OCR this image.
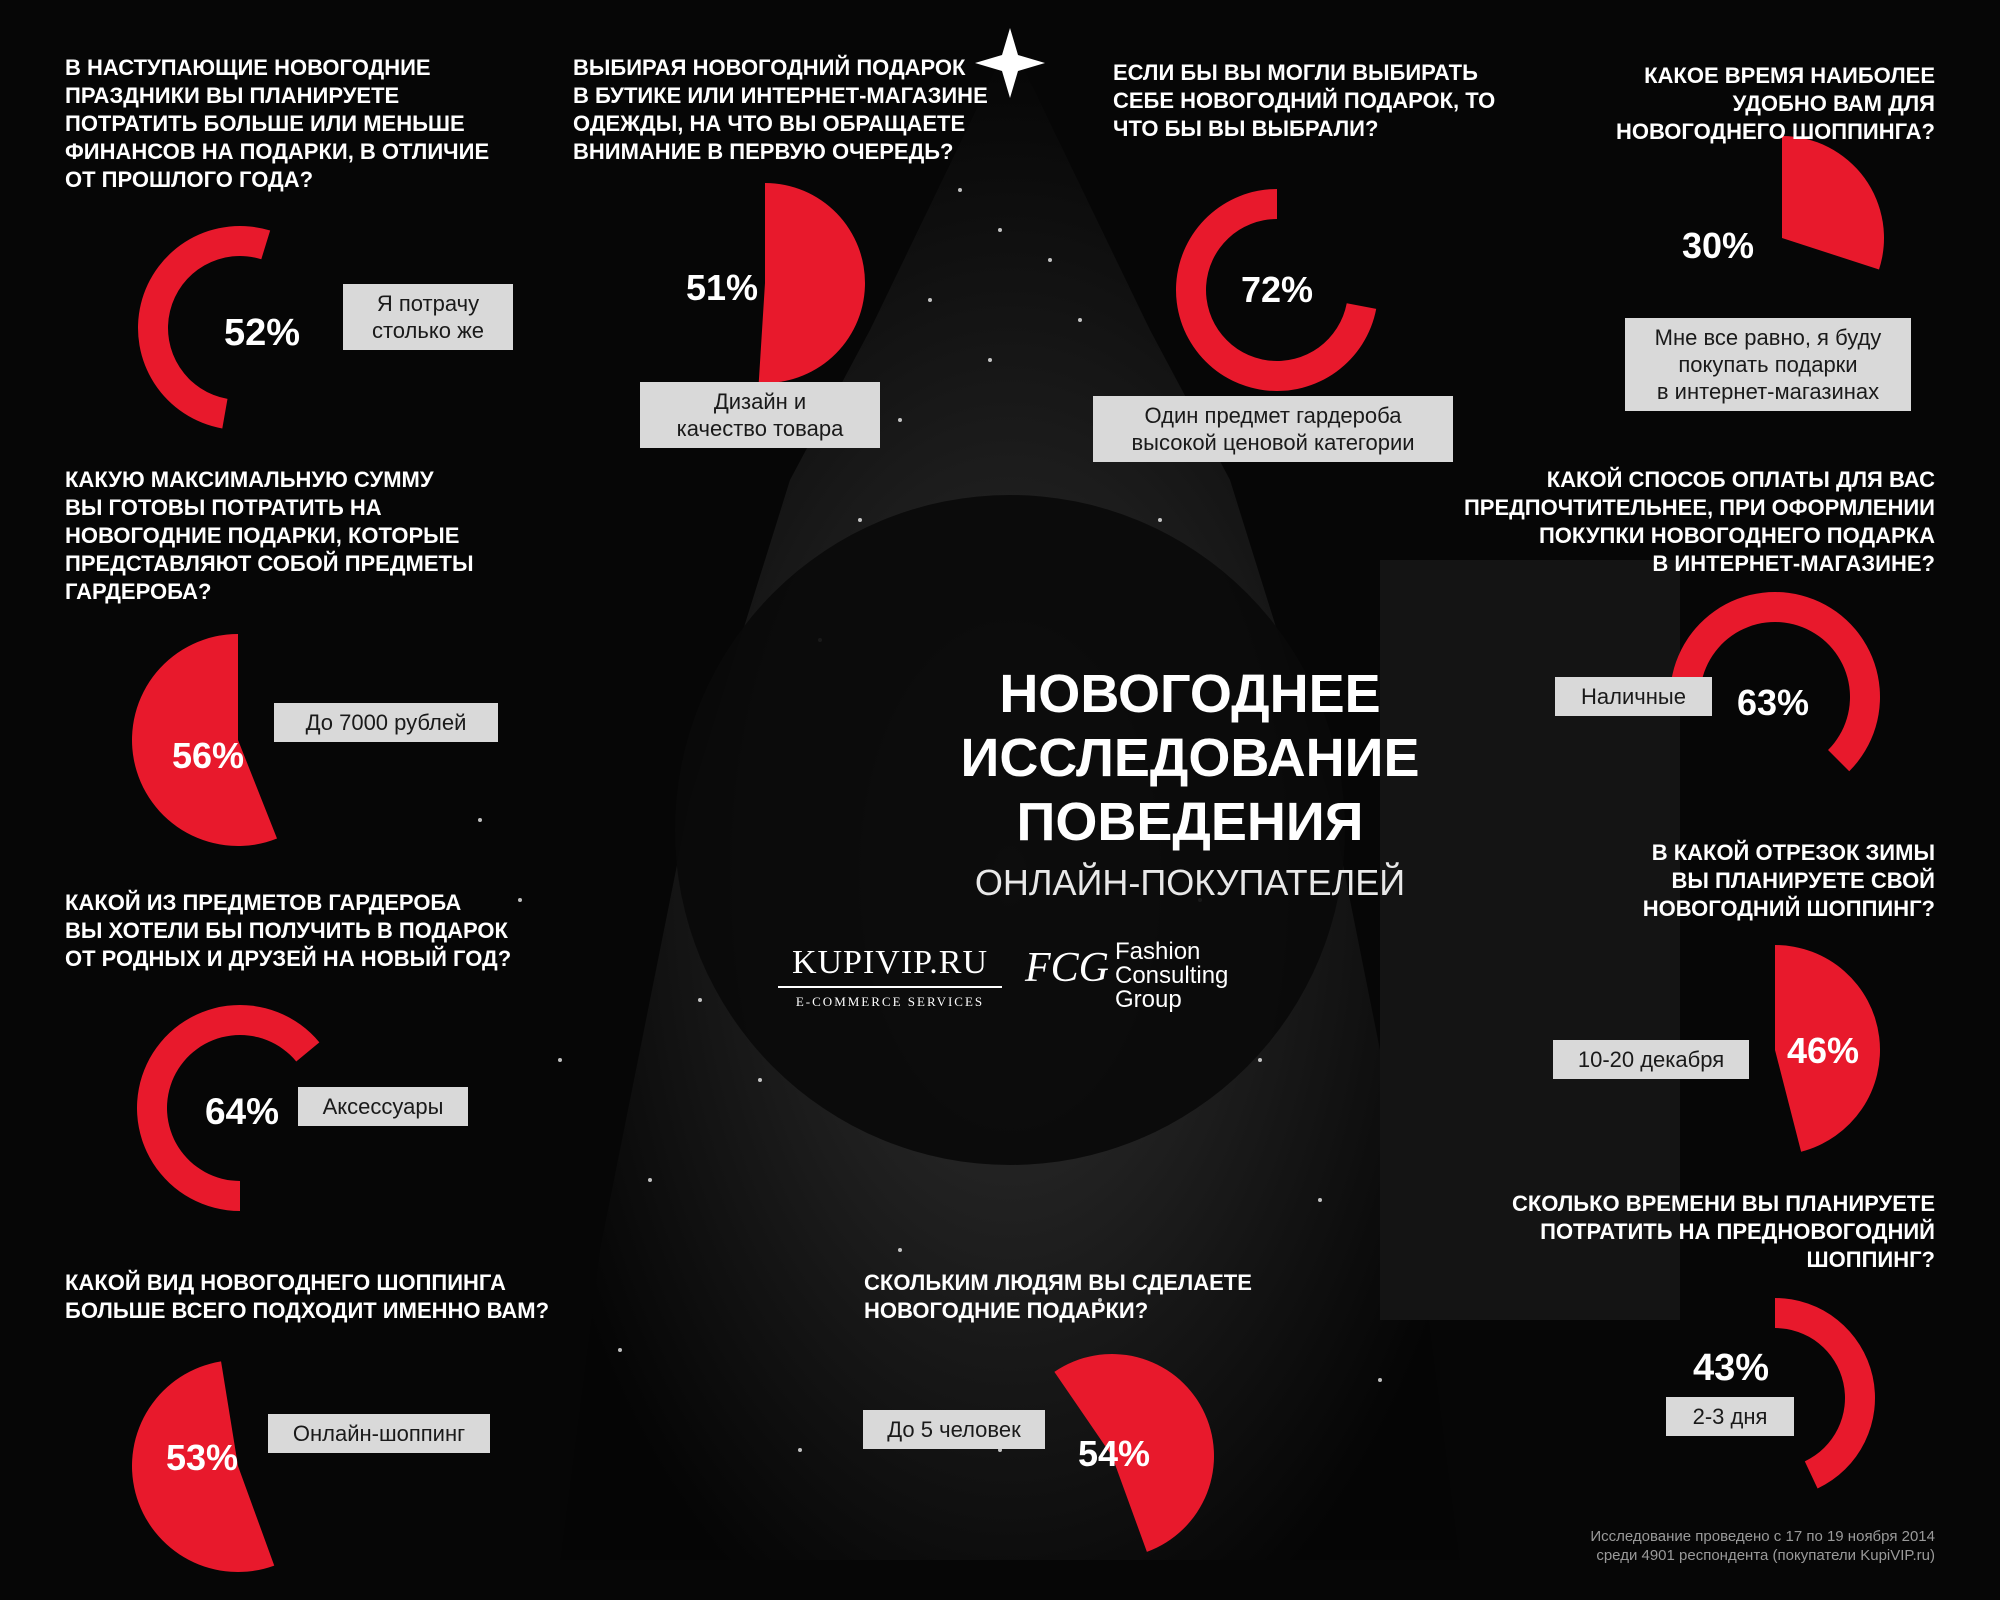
52%
51%	72%
30%
56%
63%
64%
46%
53%	54%
43%
В НАСТУПАЮЩИЕ НОВОГОДНИЕ
ПРАЗДНИКИ ВЫ ПЛАНИРУЕТЕ
ПОТРАТИТЬ БОЛЬШЕ ИЛИ МЕНЬШЕ
ФИНАНСОВ НА ПОДАРКИ, В ОТЛИЧИЕ
ОТ ПРОШЛОГО ГОДА?
ВЫБИРАЯ НОВОГОДНИЙ ПОДАРОК
В БУТИКЕ ИЛИ ИНТЕРНЕТ-МАГАЗИНЕ
ОДЕЖДЫ, НА ЧТО ВЫ ОБРАЩАЕТЕ
ВНИМАНИЕ В ПЕРВУЮ ОЧЕРЕДЬ?
ЕСЛИ БЫ ВЫ МОГЛИ ВЫБИРАТЬ
СЕБЕ НОВОГОДНИЙ ПОДАРОК, ТО
ЧТО БЫ ВЫ ВЫБРАЛИ?
КАКОЕ ВРЕМЯ НАИБОЛЕЕ
УДОБНО ВАМ ДЛЯ
НОВОГОДНЕГО ШОППИНГА?
КАКУЮ МАКСИМАЛЬНУЮ СУММУ
ВЫ ГОТОВЫ ПОТРАТИТЬ НА
НОВОГОДНИЕ ПОДАРКИ, КОТОРЫЕ
ПРЕДСТАВЛЯЮТ СОБОЙ ПРЕДМЕТЫ
ГАРДЕРОБА?
КАКОЙ СПОСОБ ОПЛАТЫ ДЛЯ ВАС
ПРЕДПОЧТИТЕЛЬНЕЕ, ПРИ ОФОРМЛЕНИИ
ПОКУПКИ НОВОГОДНЕГО ПОДАРКА
В ИНТЕРНЕТ-МАГАЗИНЕ?
КАКОЙ ИЗ ПРЕДМЕТОВ ГАРДЕРОБА
ВЫ ХОТЕЛИ БЫ ПОЛУЧИТЬ В ПОДАРОК
ОТ РОДНЫХ И ДРУЗЕЙ НА НОВЫЙ ГОД?
В КАКОЙ ОТРЕЗОК ЗИМЫ
ВЫ ПЛАНИРУЕТЕ СВОЙ
НОВОГОДНИЙ ШОППИНГ?
КАКОЙ ВИД НОВОГОДНЕГО ШОППИНГА
БОЛЬШЕ ВСЕГО ПОДХОДИТ ИМЕННО ВАМ?
СКОЛЬКИМ ЛЮДЯМ ВЫ СДЕЛАЕТЕ
НОВОГОДНИЕ ПОДАРКИ?
СКОЛЬКО ВРЕМЕНИ ВЫ ПЛАНИРУЕТЕ
ПОТРАТИТЬ НА ПРЕДНОВОГОДНИЙ
ШОППИНГ?
Я потрачу
столько же
Дизайн и
качество товара
Один предмет гардероба
высокой ценовой категории
Мне все равно, я буду
покупать подарки
в интернет-магазинах
До 7000 рублей
Наличные
Аксессуары
10-20 декабря
Онлайн-шоппинг	До 5 человек
2-3 дня
НОВОГОДНЕЕ
ИССЛЕДОВАНИЕ
ПОВЕДЕНИЯ
ОНЛАЙН-ПОКУПАТЕЛЕЙ
KUPIVIP.RU
E-COMMERCE SERVICES
FCG Fashion
Consulting
Group
Исследование проведено с 17 по 19 ноября 2014
среди 4901 респондента (покупатели KupiVIP.ru)
